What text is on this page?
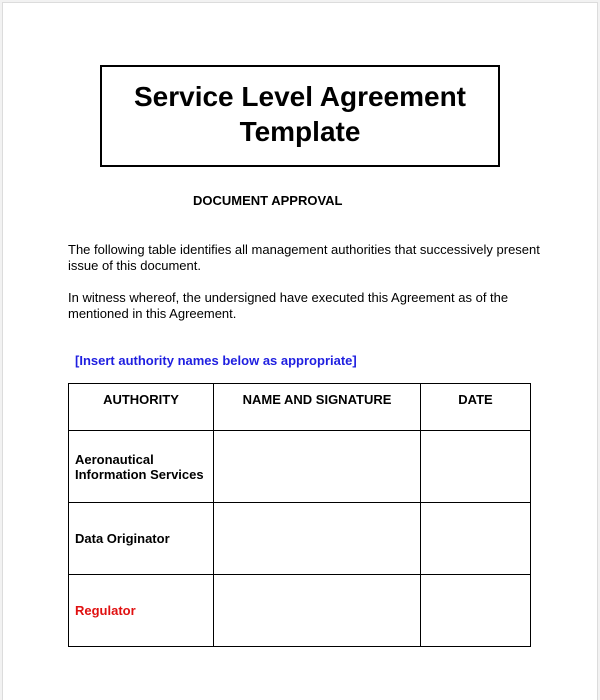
Service Level Agreement
Template
DOCUMENT APPROVAL
The following table identifies all management authorities that successively present issue of this document.
In witness whereof, the undersigned have executed this Agreement as of the mentioned in this Agreement.
[Insert authority names below as appropriate]
AUTHORITY	NAME AND SIGNATURE	DATE
Aeronautical Information Services		
Data Originator		
Regulator		
